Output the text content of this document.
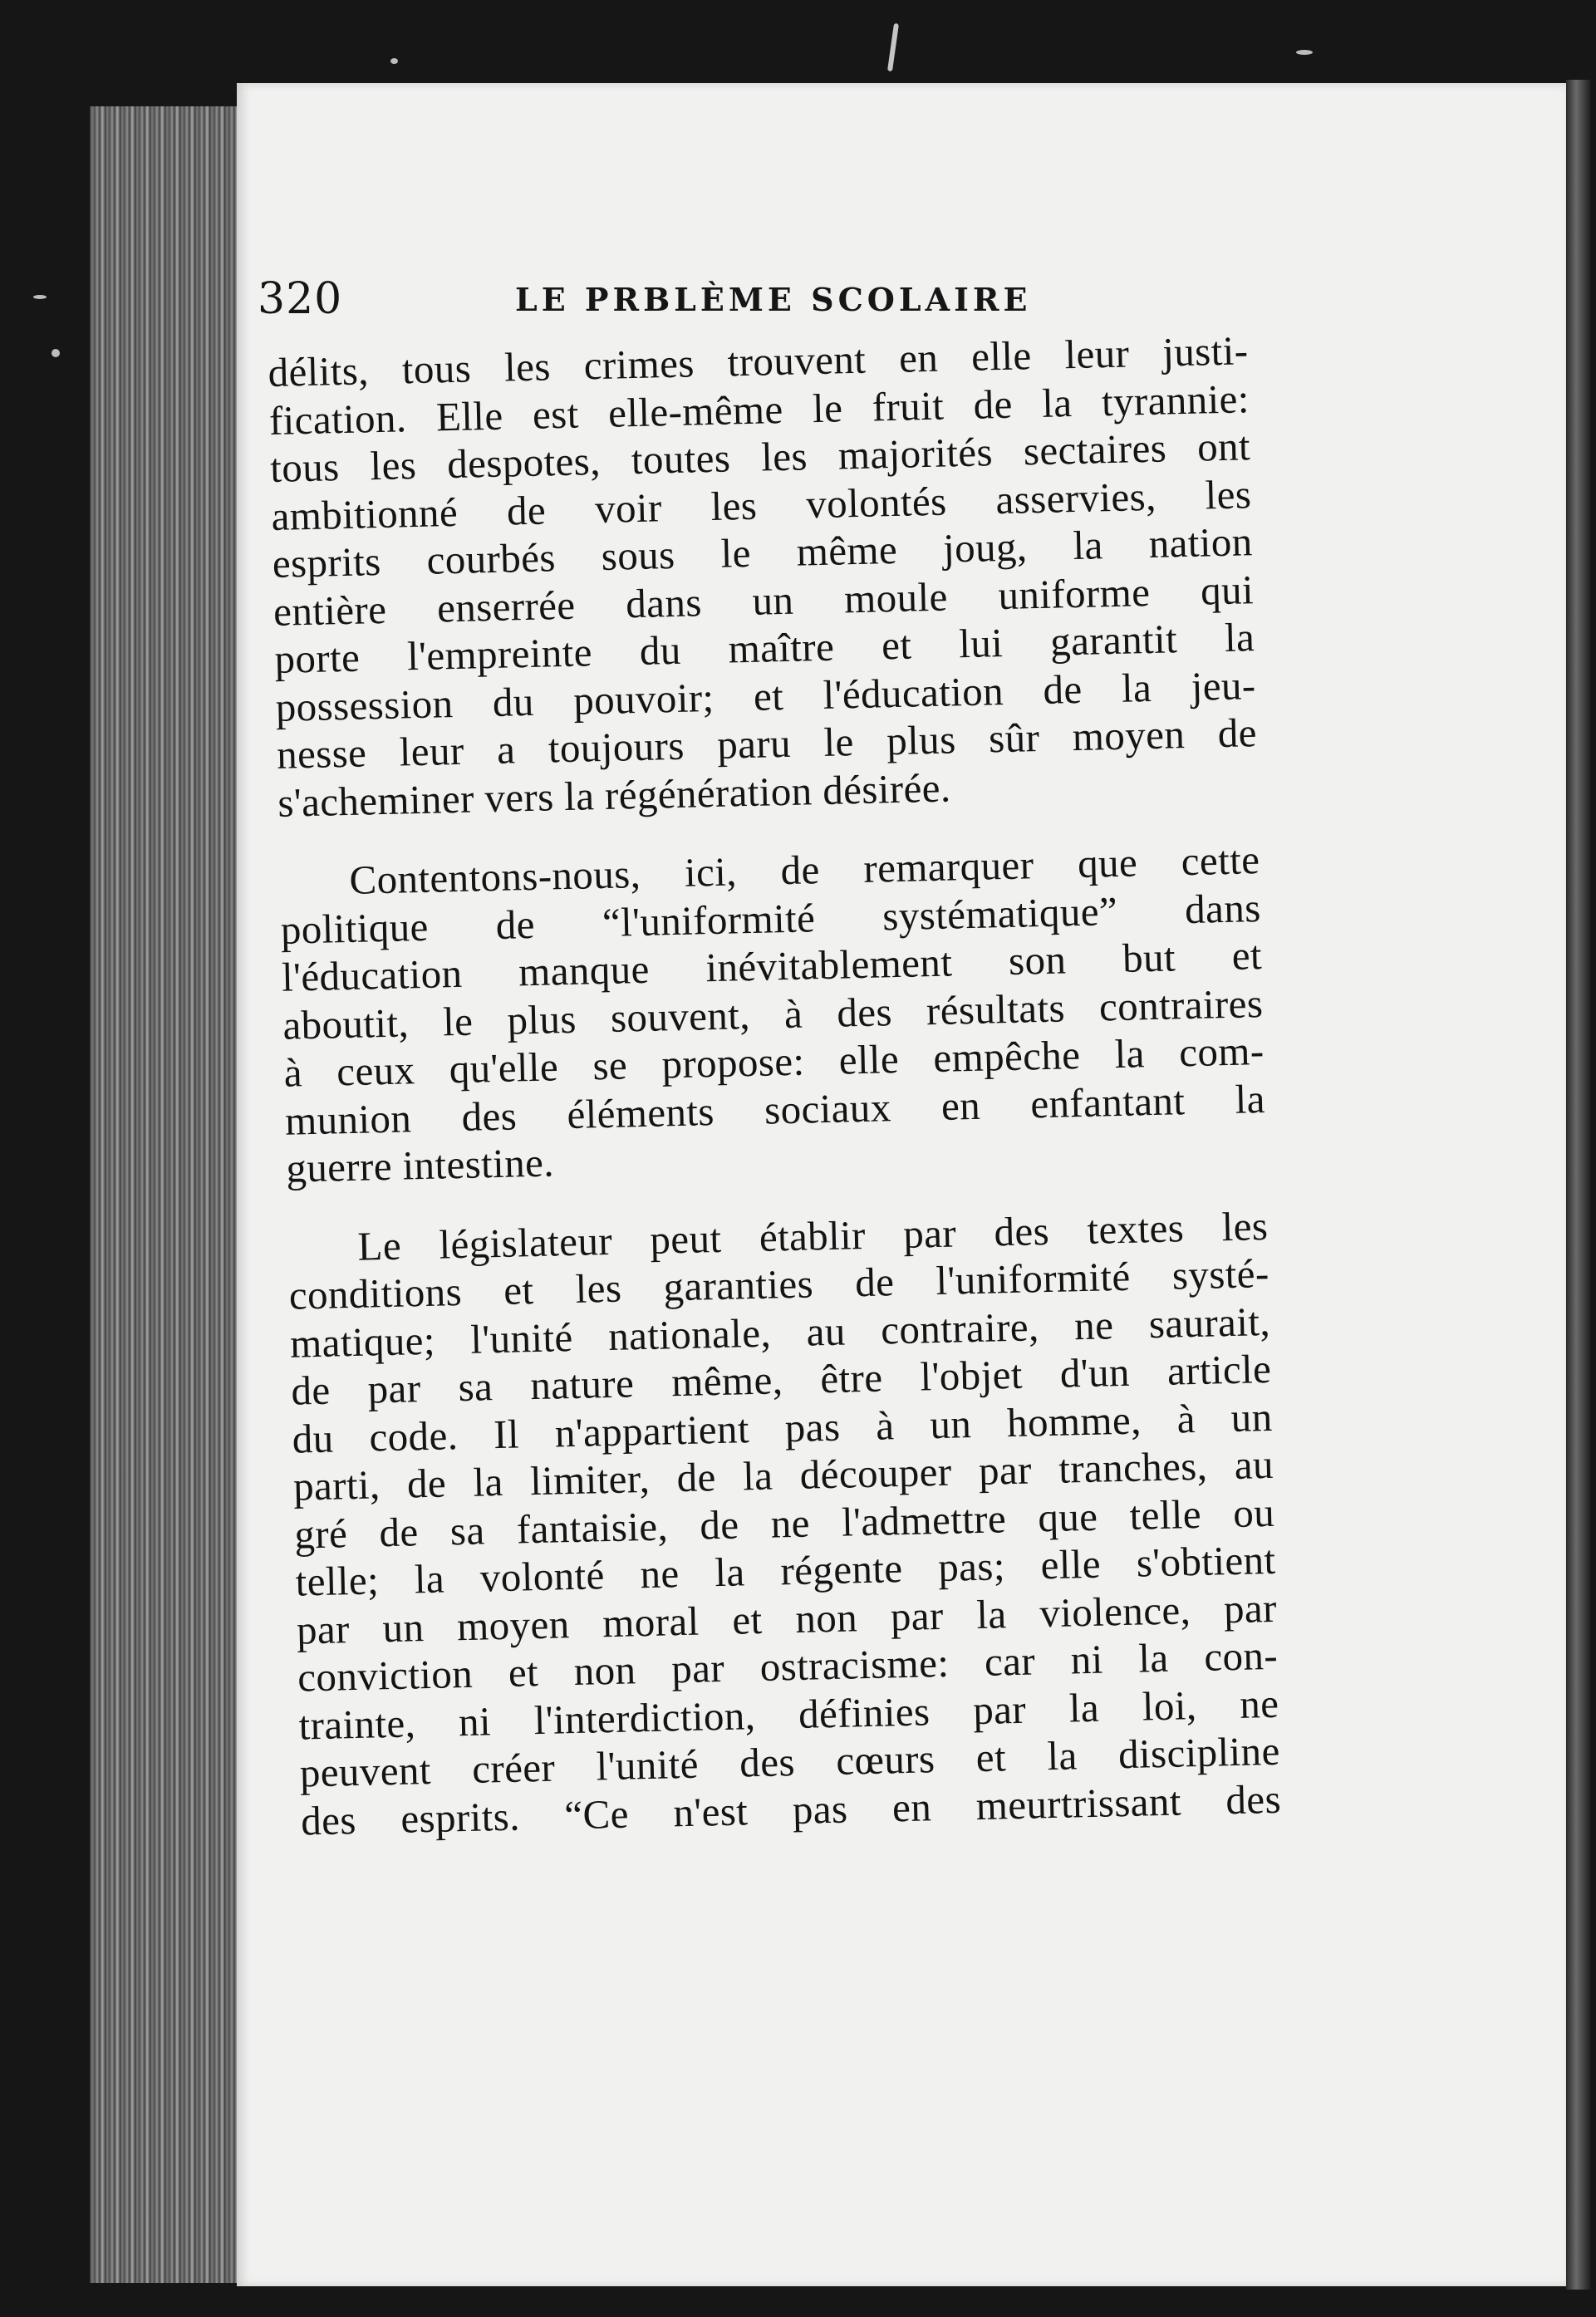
320	LE PRBLÈME SCOLAIRE
délits, tous les crimes trouvent en elle leur justi-
fication. Elle est elle-même le fruit de la tyrannie:
tous les despotes, toutes les majorités sectaires ont
ambitionné de voir les volontés asservies, les
esprits courbés sous le même joug, la nation
entière enserrée dans un moule uniforme qui
porte l'empreinte du maître et lui garantit la
possession du pouvoir; et l'éducation de la jeu-
nesse leur a toujours paru le plus sûr moyen de
s'acheminer vers la régénération désirée.
Contentons-nous, ici, de remarquer que cette
politique de “l'uniformité systématique” dans
l'éducation manque inévitablement son but et
aboutit, le plus souvent, à des résultats contraires
à ceux qu'elle se propose: elle empêche la com-
munion des éléments sociaux en enfantant la
guerre intestine.
Le législateur peut établir par des textes les
conditions et les garanties de l'uniformité systé-
matique; l'unité nationale, au contraire, ne saurait,
de par sa nature même, être l'objet d'un article
du code. Il n'appartient pas à un homme, à un
parti, de la limiter, de la découper par tranches, au
gré de sa fantaisie, de ne l'admettre que telle ou
telle; la volonté ne la régente pas; elle s'obtient
par un moyen moral et non par la violence, par
conviction et non par ostracisme: car ni la con-
trainte, ni l'interdiction, définies par la loi, ne
peuvent créer l'unité des cœurs et la discipline
des esprits. “Ce n'est pas en meurtrissant des
